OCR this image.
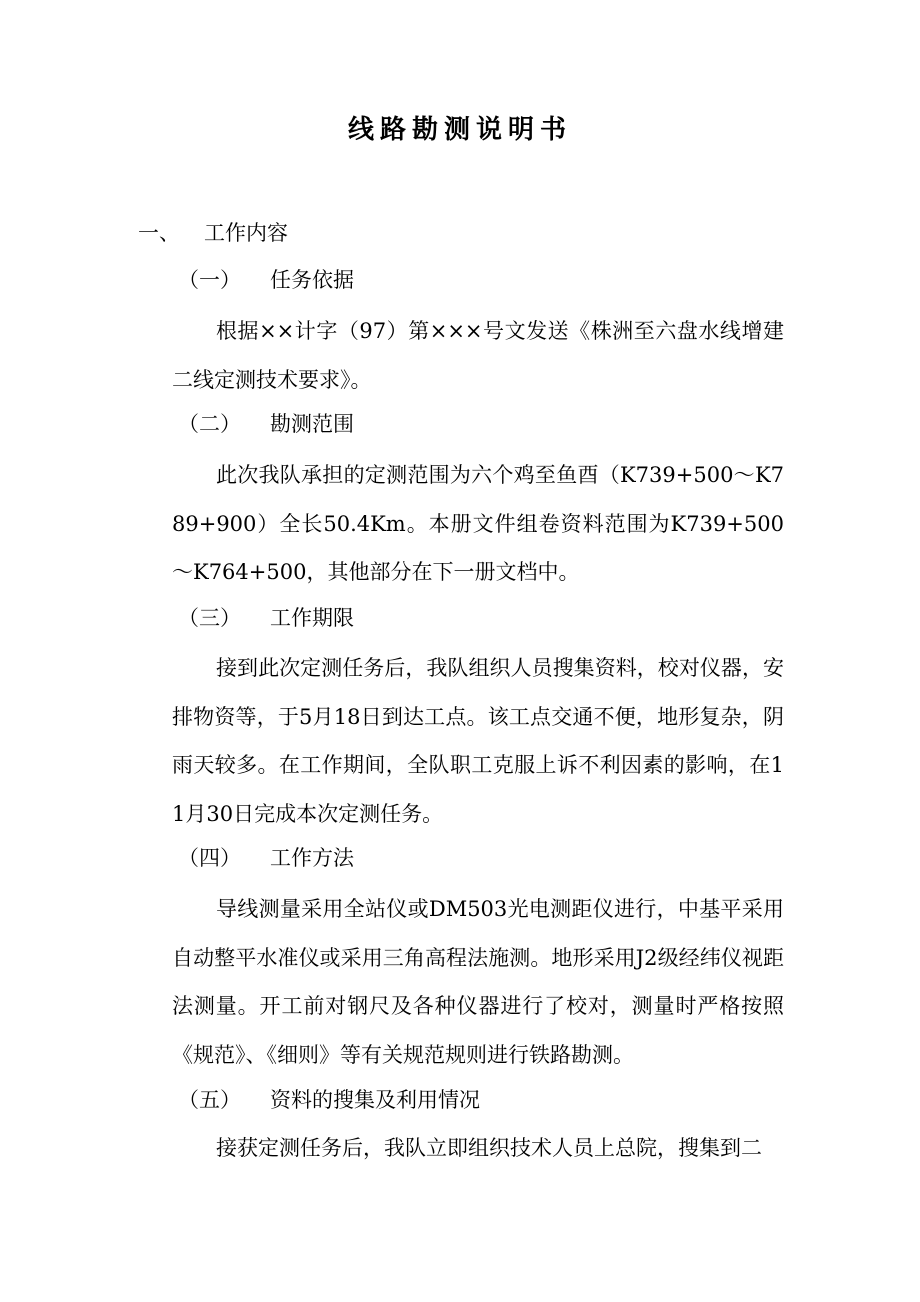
线路勘测说明书
一、 工作内容
（一） 任务依据
根据××计字（97）第×××号文发送《株洲至六盘水线增建二线定测技术要求》。
（二） 勘测范围
此次我队承担的定测范围为六个鸡至鱼酉（K739+500～K789+900）全长50.4Km。本册文件组卷资料范围为K739+500～K764+500，其他部分在下一册文档中。
（三） 工作期限
接到此次定测任务后，我队组织人员搜集资料，校对仪器，安排物资等，于5月18日到达工点。该工点交通不便，地形复杂，阴雨天较多。在工作期间，全队职工克服上诉不利因素的影响，在11月30日完成本次定测任务。
（四） 工作方法
导线测量采用全站仪或DM503光电测距仪进行，中基平采用自动整平水准仪或采用三角高程法施测。地形采用J2级经纬仪视距法测量。开工前对钢尺及各种仪器进行了校对，测量时严格按照《规范》、《细则》等有关规范规则进行铁路勘测。
（五） 资料的搜集及利用情况
接获定测任务后，我队立即组织技术人员上总院，搜集到二
